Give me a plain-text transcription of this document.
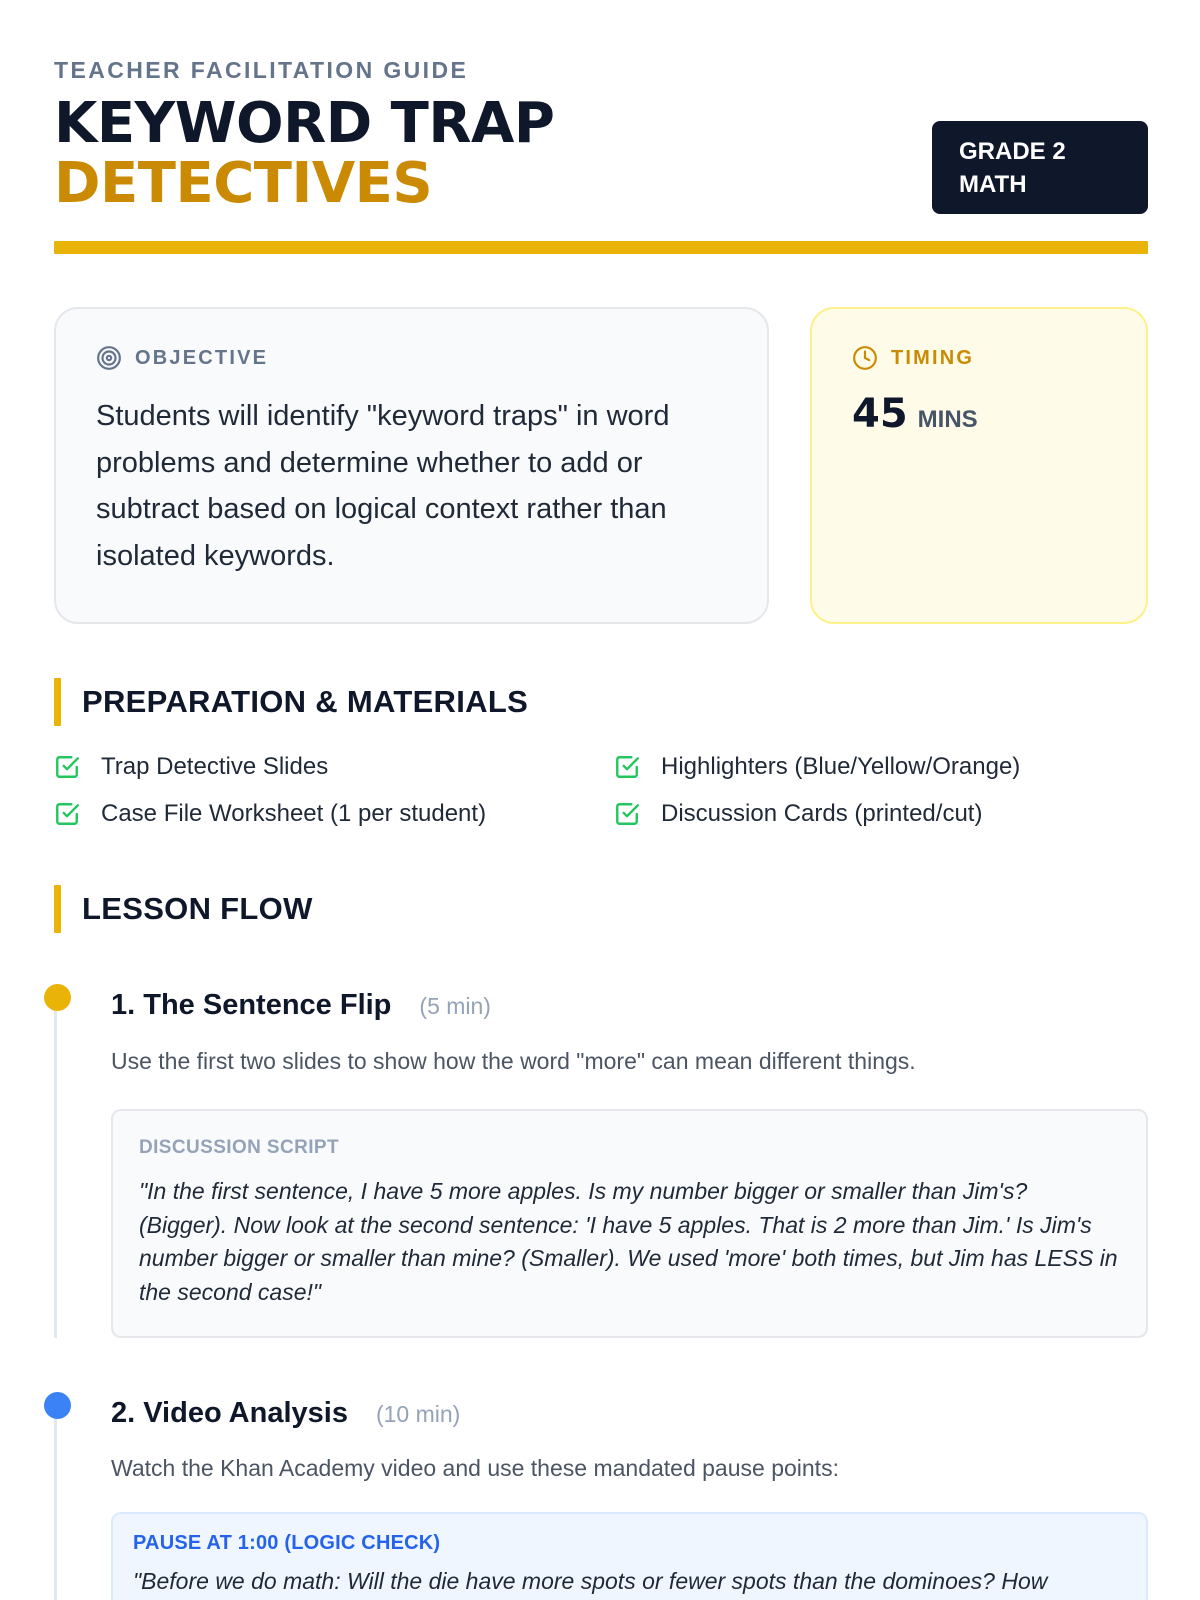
TEACHER FACILITATION GUIDE
KEYWORD TRAP
DETECTIVES	GRADE 2
MATH
OBJECTIVE

Students will identify "keyword traps" in word problems and determine whether to add or subtract based on logical context rather than isolated keywords.

TIMING
45 MINS
PREPARATION & MATERIALS
Trap Detective Slides	Highlighters (Blue/Yellow/Orange)
Case File Worksheet (1 per student)	Discussion Cards (printed/cut)
LESSON FLOW
1. The Sentence Flip (5 min)
Use the first two slides to show how the word "more" can mean different things.
DISCUSSION SCRIPT

"In the first sentence, I have 5 more apples. Is my number bigger or smaller than Jim's? (Bigger). Now look at the second sentence: 'I have 5 apples. That is 2 more than Jim.' Is Jim's number bigger or smaller than mine? (Smaller). We used 'more' both times, but Jim has LESS in the second case!"

2. Video Analysis (10 min)
Watch the Khan Academy video and use these mandated pause points:
PAUSE AT 1:00 (LOGIC CHECK)

"Before we do math: Will the die have more spots or fewer spots than the dominoes? How
